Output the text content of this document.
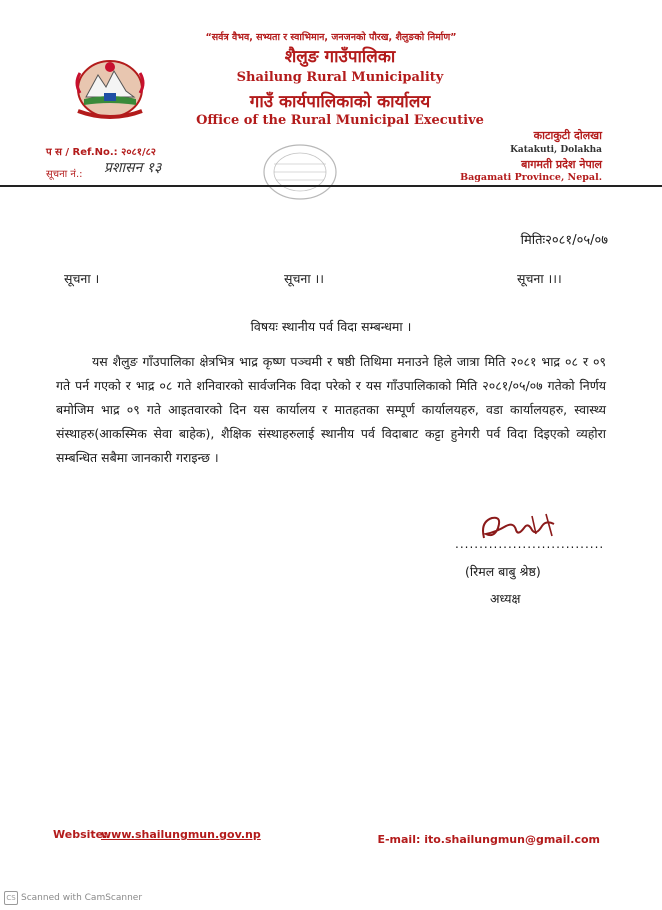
“सर्वत्र वैभव, सभ्यता र स्वाभिमान, जनजनको पौरख, शैलुङको निर्माण”
शैलुङ गाउँपालिका
Shailung Rural Municipality
गाउँ कार्यपालिकाको कार्यालय
Office of the Rural Municipal Executive
प स / Ref.No.: २०८१/८२
सूचना नं.: प्रशासन १३
काटाकुटी दोलखा
Katakuti, Dolakha
बागमती प्रदेश नेपाल
Bagamati Province, Nepal.
मितिः२०८१/०५/०७
सूचना ।	सूचना ।।	सूचना ।।।
विषयः स्थानीय पर्व विदा सम्बन्धमा ।
यस शैलुङ गाँउपालिका क्षेत्रभित्र भाद्र कृष्ण पञ्चमी र षष्ठी तिथिमा मनाउने हिले जात्रा मिति २०८१ भाद्र ०८ र ०९ गते पर्न गएको र भाद्र ०८ गते शनिवारको सार्वजनिक विदा परेको र यस गाँउपालिकाको मिति २०८१/०५/०७ गतेको निर्णय बमोजिम भाद्र ०९ गते आइतवारको दिन यस कार्यालय र मातहतका सम्पूर्ण कार्यालयहरु, वडा कार्यालयहरु, स्वास्थ्य संस्थाहरु(आकस्मिक सेवा बाहेक), शैक्षिक संस्थाहरुलाई स्थानीय पर्व विदाबाट कट्टा हुनेगरी पर्व विदा दिइएको व्यहोरा सम्बन्धित सबैमा जानकारी गराइन्छ ।
...............................
(रिमल बाबु श्रेष्ठ)
अध्यक्ष
Website:
www.shailungmun.gov.np	E-mail: ito.shailungmun@gmail.com
CS Scanned with CamScanner
